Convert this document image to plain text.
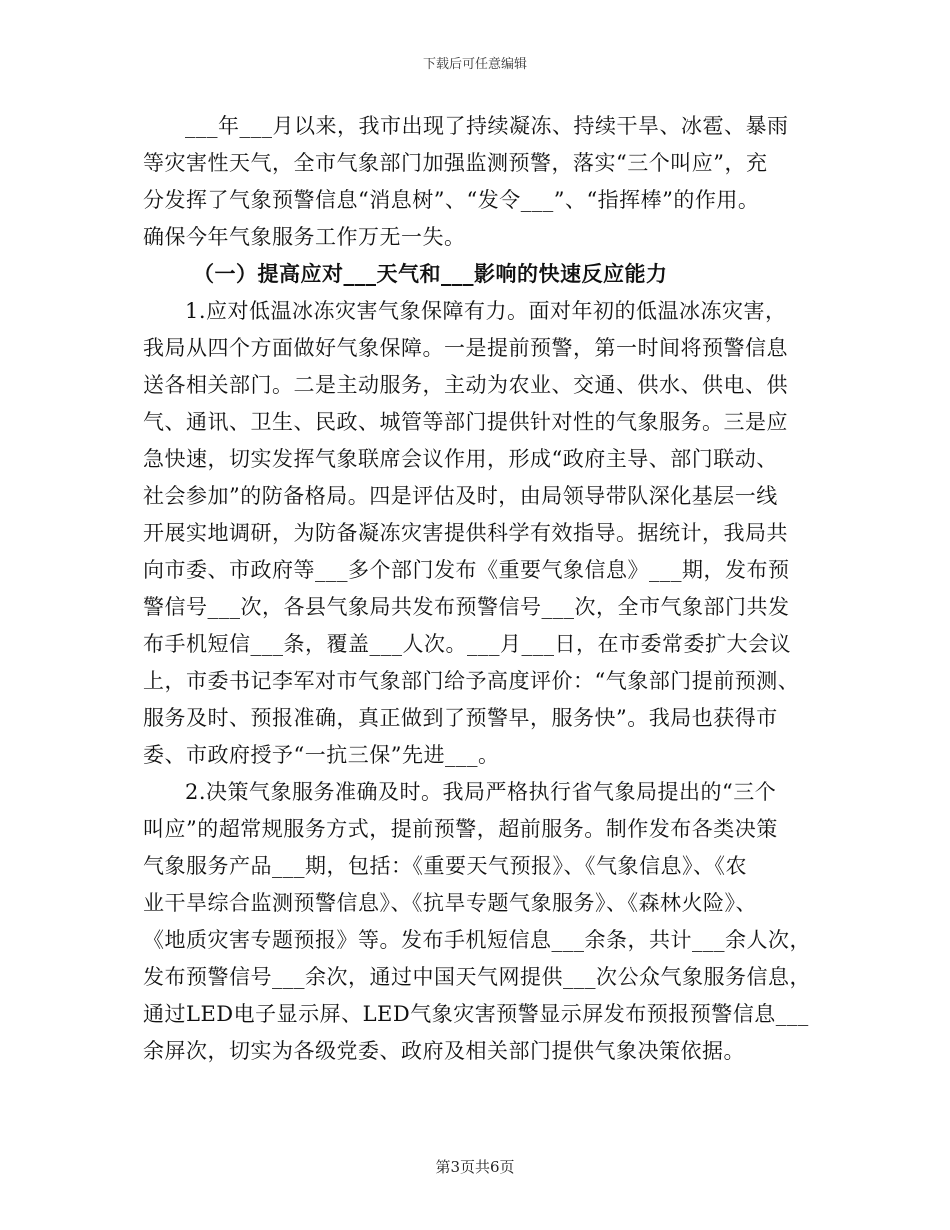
下载后可任意编辑
___年___月以来，我市出现了持续凝冻、持续干旱、冰雹、暴雨
等灾害性天气，全市气象部门加强监测预警，落实“三个叫应”，充
分发挥了气象预警信息“消息树”、“发令___”、“指挥棒”的作用。
确保今年气象服务工作万无一失。
（一）提高应对___天气和___影响的快速反应能力
1.应对低温冰冻灾害气象保障有力。面对年初的低温冰冻灾害，
我局从四个方面做好气象保障。一是提前预警，第一时间将预警信息
送各相关部门。二是主动服务，主动为农业、交通、供水、供电、供
气、通讯、卫生、民政、城管等部门提供针对性的气象服务。三是应
急快速，切实发挥气象联席会议作用，形成“政府主导、部门联动、
社会参加”的防备格局。四是评估及时，由局领导带队深化基层一线
开展实地调研，为防备凝冻灾害提供科学有效指导。据统计，我局共
向市委、市政府等___多个部门发布《重要气象信息》___期，发布预
警信号___次，各县气象局共发布预警信号___次，全市气象部门共发
布手机短信___条，覆盖___人次。___月___日，在市委常委扩大会议
上，市委书记李军对市气象部门给予高度评价：“气象部门提前预测、
服务及时、预报准确，真正做到了预警早，服务快”。我局也获得市
委、市政府授予“一抗三保”先进___。
2.决策气象服务准确及时。我局严格执行省气象局提出的“三个
叫应”的超常规服务方式，提前预警，超前服务。制作发布各类决策
气象服务产品___期，包括：《重要天气预报》、《气象信息》、《农
业干旱综合监测预警信息》、《抗旱专题气象服务》、《森林火险》、
《地质灾害专题预报》等。发布手机短信息___余条，共计___余人次，
发布预警信号___余次，通过中国天气网提供___次公众气象服务信息，
通过LED电子显示屏、LED气象灾害预警显示屏发布预报预警信息___
余屏次，切实为各级党委、政府及相关部门提供气象决策依据。
第3页共6页
